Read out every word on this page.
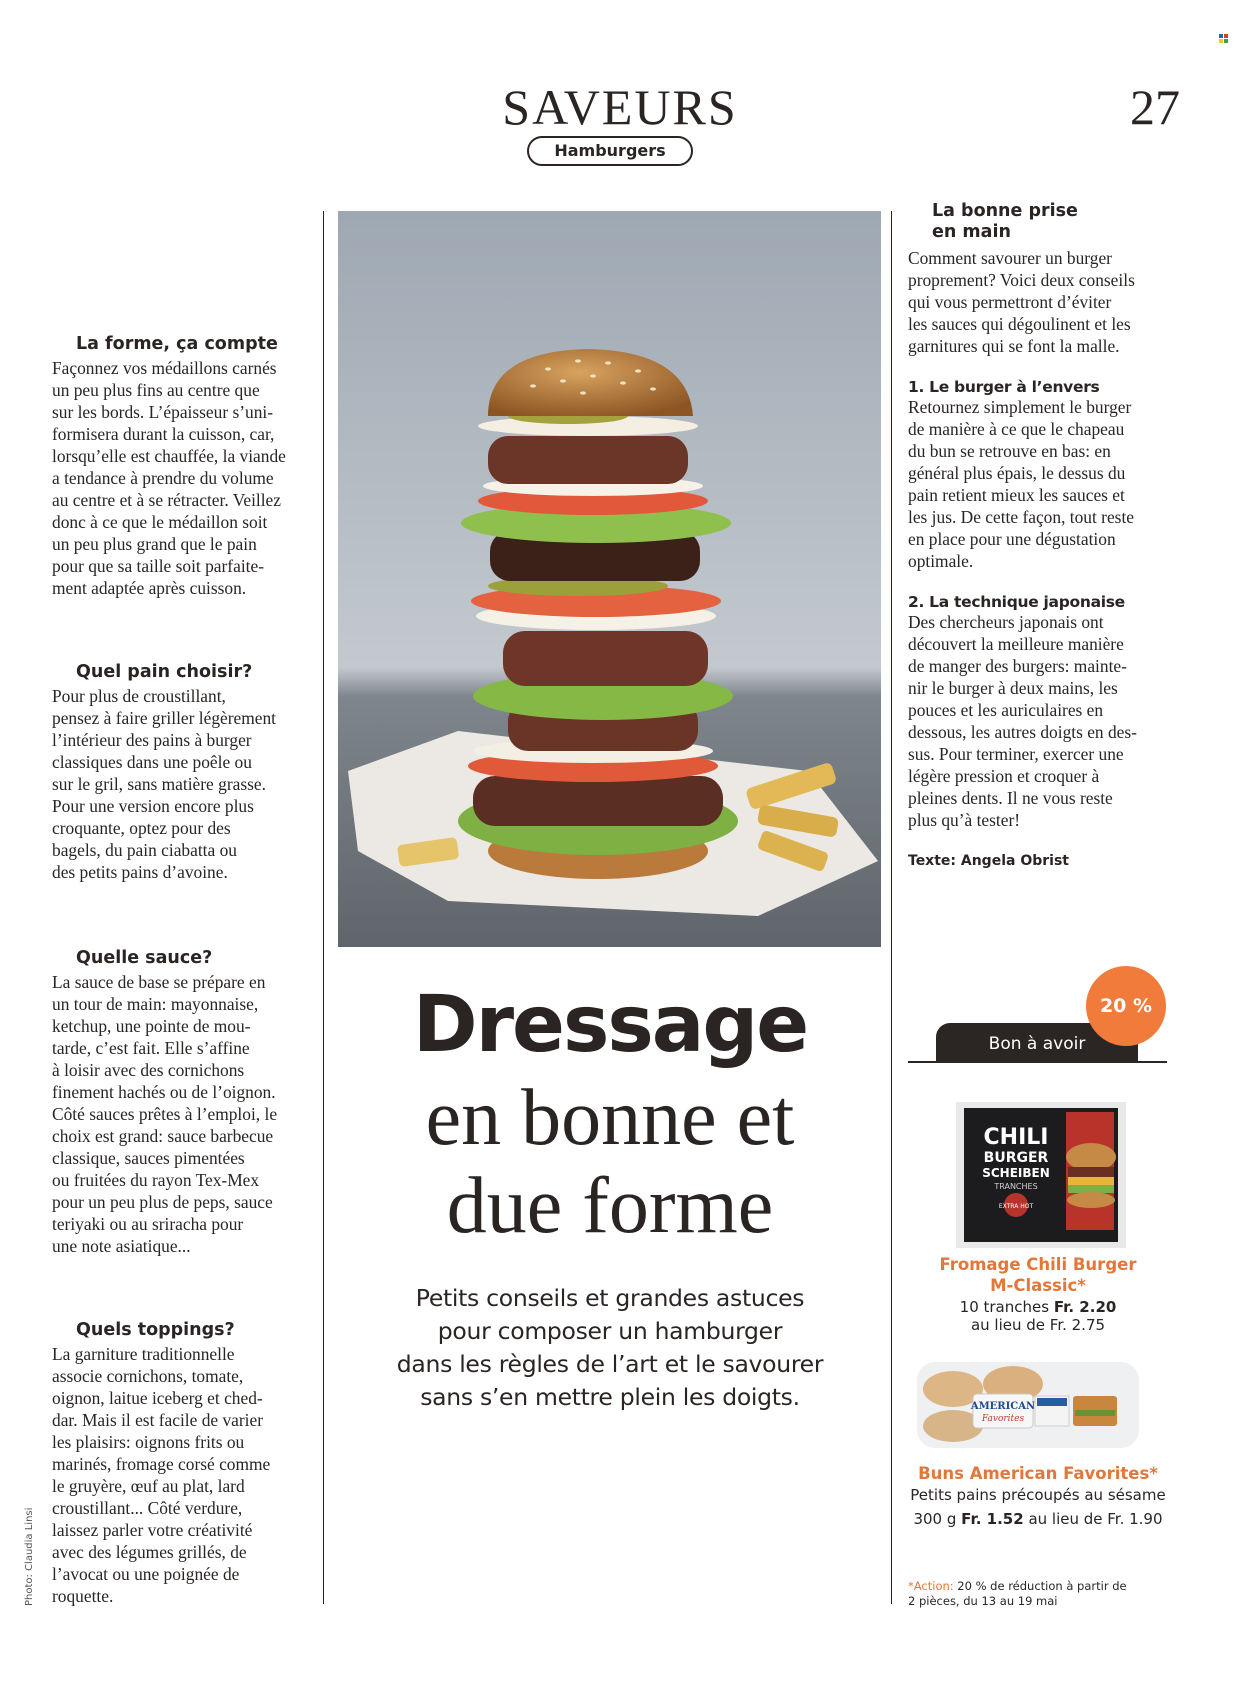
SAVEURS
Hamburgers
27
La forme, ça compte
Façonnez vos médaillons carnés
un peu plus fins au centre que
sur les bords. L’épaisseur s’uni-
formisera durant la cuisson, car,
lorsqu’elle est chauffée, la viande
a tendance à prendre du volume
au centre et à se rétracter. Veillez
donc à ce que le médaillon soit
un peu plus grand que le pain
pour que sa taille soit parfaite-
ment adaptée après cuisson.
Quel pain choisir?
Pour plus de croustillant,
pensez à faire griller légèrement
l’intérieur des pains à burger
classiques dans une poêle ou
sur le gril, sans matière grasse.
Pour une version encore plus
croquante, optez pour des
bagels, du pain ciabatta ou
des petits pains d’avoine.
Quelle sauce?
La sauce de base se prépare en
un tour de main: mayonnaise,
ketchup, une pointe de mou-
tarde, c’est fait. Elle s’affine
à loisir avec des cornichons
finement hachés ou de l’oignon.
Côté sauces prêtes à l’emploi, le
choix est grand: sauce barbecue
classique, sauces pimentées
ou fruitées du rayon Tex-Mex
pour un peu plus de peps, sauce
teriyaki ou au sriracha pour
une note asiatique...
Quels toppings?
La garniture traditionnelle
associe cornichons, tomate,
oignon, laitue iceberg et ched-
dar. Mais il est facile de varier
les plaisirs: oignons frits ou
marinés, fromage corsé comme
le gruyère, œuf au plat, lard
croustillant... Côté verdure,
laissez parler votre créativité
avec des légumes grillés, de
l’avocat ou une poignée de
roquette.
Photo: Claudia Linsi
Dressage
en bonne et
due forme
Petits conseils et grandes astuces
pour composer un hamburger
dans les règles de l’art et le savourer
sans s’en mettre plein les doigts.
La bonne prise
en main
Comment savourer un burger
proprement? Voici deux conseils
qui vous permettront d’éviter
les sauces qui dégoulinent et les
garnitures qui se font la malle.
1. Le burger à l’envers
Retournez simplement le burger
de manière à ce que le chapeau
du bun se retrouve en bas: en
général plus épais, le dessus du
pain retient mieux les sauces et
les jus. De cette façon, tout reste
en place pour une dégustation
optimale.
2. La technique japonaise
Des chercheurs japonais ont
découvert la meilleure manière
de manger des burgers: mainte-
nir le burger à deux mains, les
pouces et les auriculaires en
dessous, les autres doigts en des-
sus. Pour terminer, exercer une
légère pression et croquer à
pleines dents. Il ne vous reste
plus qu’à tester!
Texte: Angela Obrist
Bon à avoir
20 %
CHILI
BURGER
SCHEIBEN
TRANCHES
EXTRA HOT
Fromage Chili Burger
M-Classic*
10 tranches Fr. 2.20
au lieu de Fr. 2.75
AMERICAN
Favorites
Buns American Favorites*
Petits pains précoupés au sésame
300 g Fr. 1.52 au lieu de Fr. 1.90
*Action: 20 % de réduction à partir de
2 pièces, du 13 au 19 mai
